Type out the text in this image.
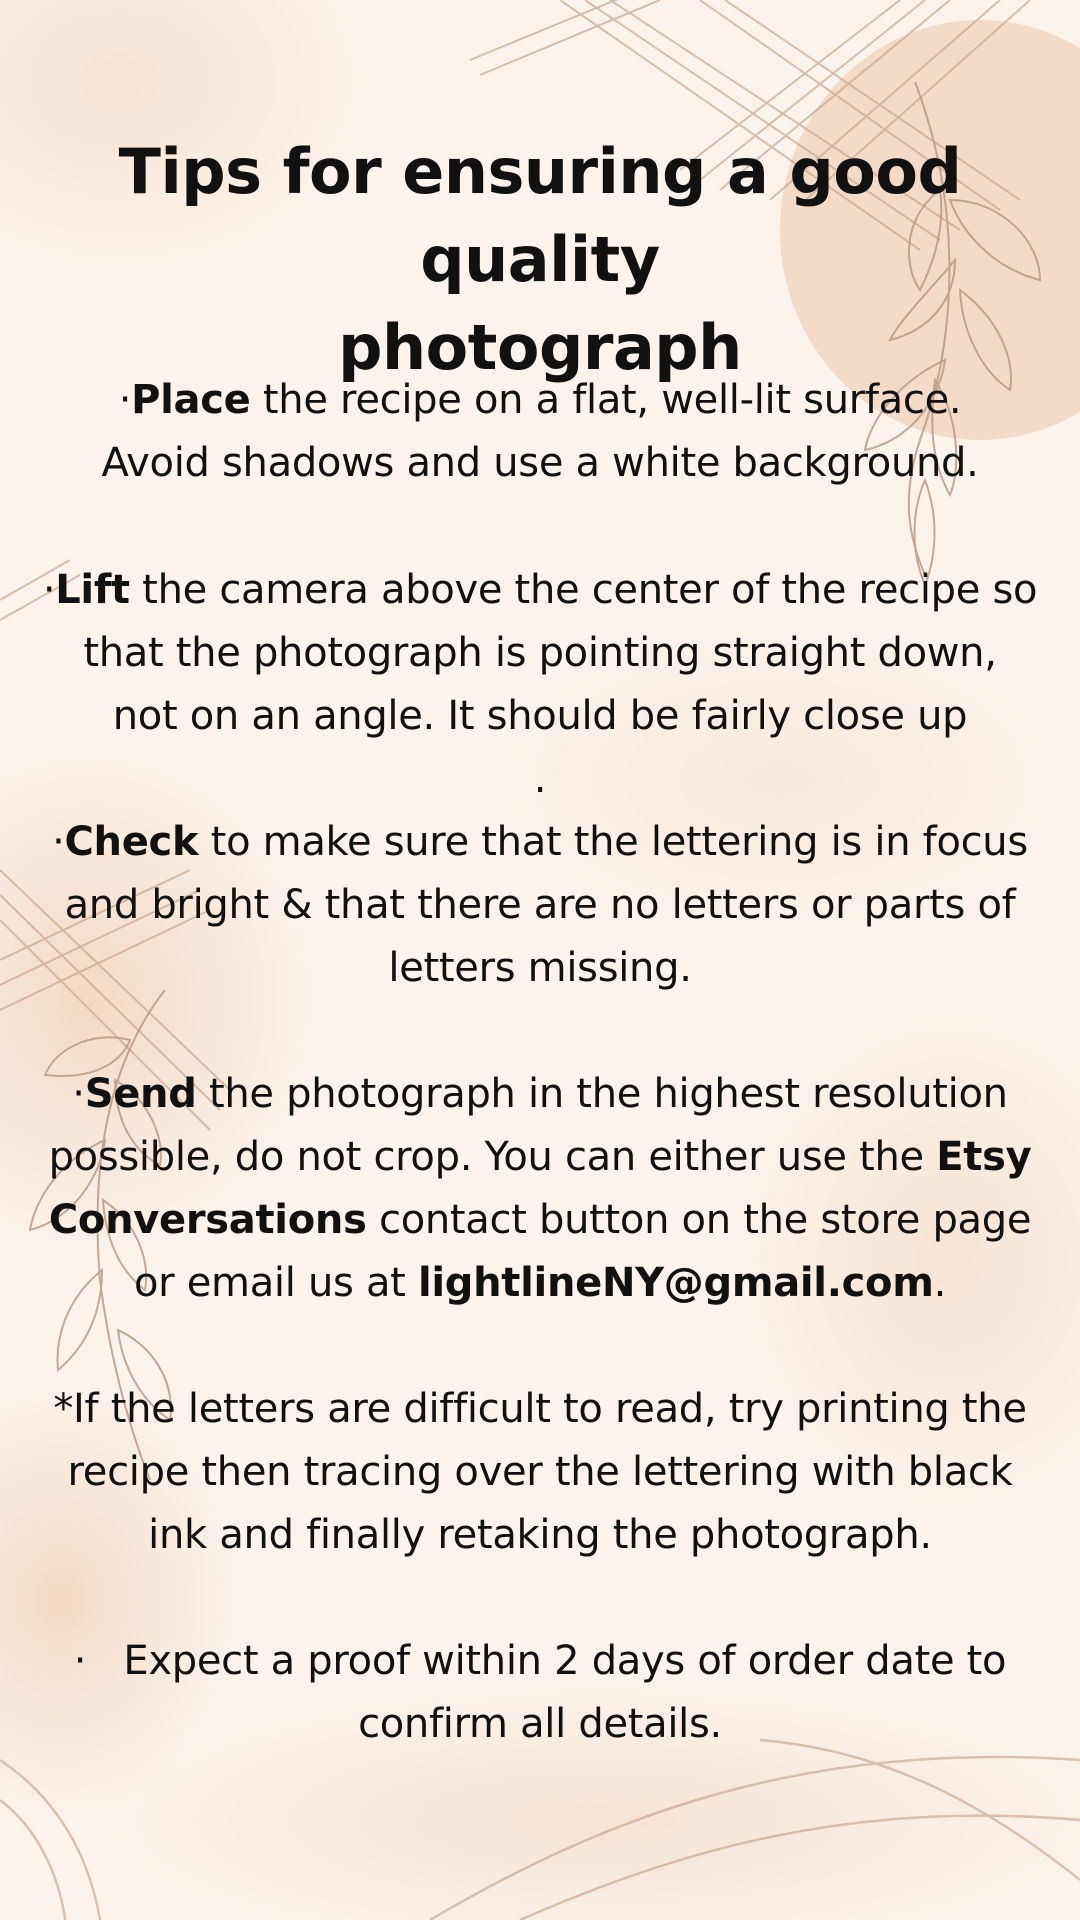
Tips for ensuring a good quality
photograph

·Place the recipe on a flat, well-lit surface.
Avoid shadows and use a white background.

·Lift the camera above the center of the recipe so
that the photograph is pointing straight down,
not on an angle. It should be fairly close up
.

·Check to make sure that the lettering is in focus
and bright & that there are no letters or parts of
letters missing.

·Send the photograph in the highest resolution
possible, do not crop. You can either use the Etsy
Conversations contact button on the store page
or email us at lightlineNY@gmail.com.

*If the letters are difficult to read, try printing the
recipe then tracing over the lettering with black
ink and finally retaking the photograph.

· Expect a proof within 2 days of order date to
confirm all details.
